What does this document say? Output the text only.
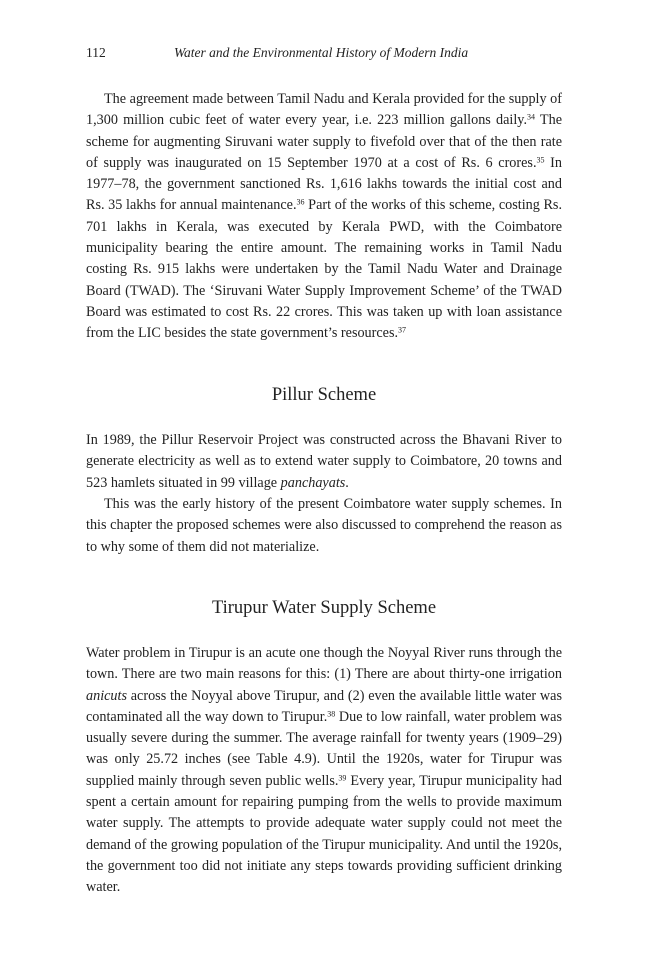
112	Water and the Environmental History of Modern India

The agreement made between Tamil Nadu and Kerala provided for the supply of 1,300 million cubic feet of water every year, i.e. 223 million gallons daily.$^{34}$ The scheme for augmenting Siruvani water supply to fivefold over that of the then rate of supply was inaugurated on 15 September 1970 at a cost of Rs. 6 crores.$^{35}$ In 1977–78, the government sanctioned Rs. 1,616 lakhs towards the initial cost and Rs. 35 lakhs for annual maintenance.$^{36}$ Part of the works of this scheme, costing Rs. 701 lakhs in Kerala, was executed by Kerala PWD, with the Coimbatore municipality bearing the entire amount. The remaining works in Tamil Nadu costing Rs. 915 lakhs were undertaken by the Tamil Nadu Water and Drainage Board (TWAD). The ‘Siruvani Water Supply Improvement Scheme’ of the TWAD Board was estimated to cost Rs. 22 crores. This was taken up with loan assistance from the LIC besides the state government’s resources.$^{37}$

Pillur Scheme

In 1989, the Pillur Reservoir Project was constructed across the Bhavani River to generate electricity as well as to extend water supply to Coimbatore, 20 towns and 523 hamlets situated in 99 village panchayats.

This was the early history of the present Coimbatore water supply schemes. In this chapter the proposed schemes were also discussed to comprehend the reason as to why some of them did not materialize.

Tirupur Water Supply Scheme

Water problem in Tirupur is an acute one though the Noyyal River runs through the town. There are two main reasons for this: (1) There are about thirty-one irrigation anicuts across the Noyyal above Tirupur, and (2) even the available little water was contaminated all the way down to Tirupur.$^{38}$ Due to low rainfall, water problem was usually severe during the summer. The average rainfall for twenty years (1909–29) was only 25.72 inches (see Table 4.9). Until the 1920s, water for Tirupur was supplied mainly through seven public wells.$^{39}$ Every year, Tirupur municipality had spent a certain amount for repairing pumping from the wells to provide maximum water supply. The attempts to provide adequate water supply could not meet the demand of the growing population of the Tirupur municipality. And until the 1920s, the government too did not initiate any steps towards providing sufficient drinking water.
